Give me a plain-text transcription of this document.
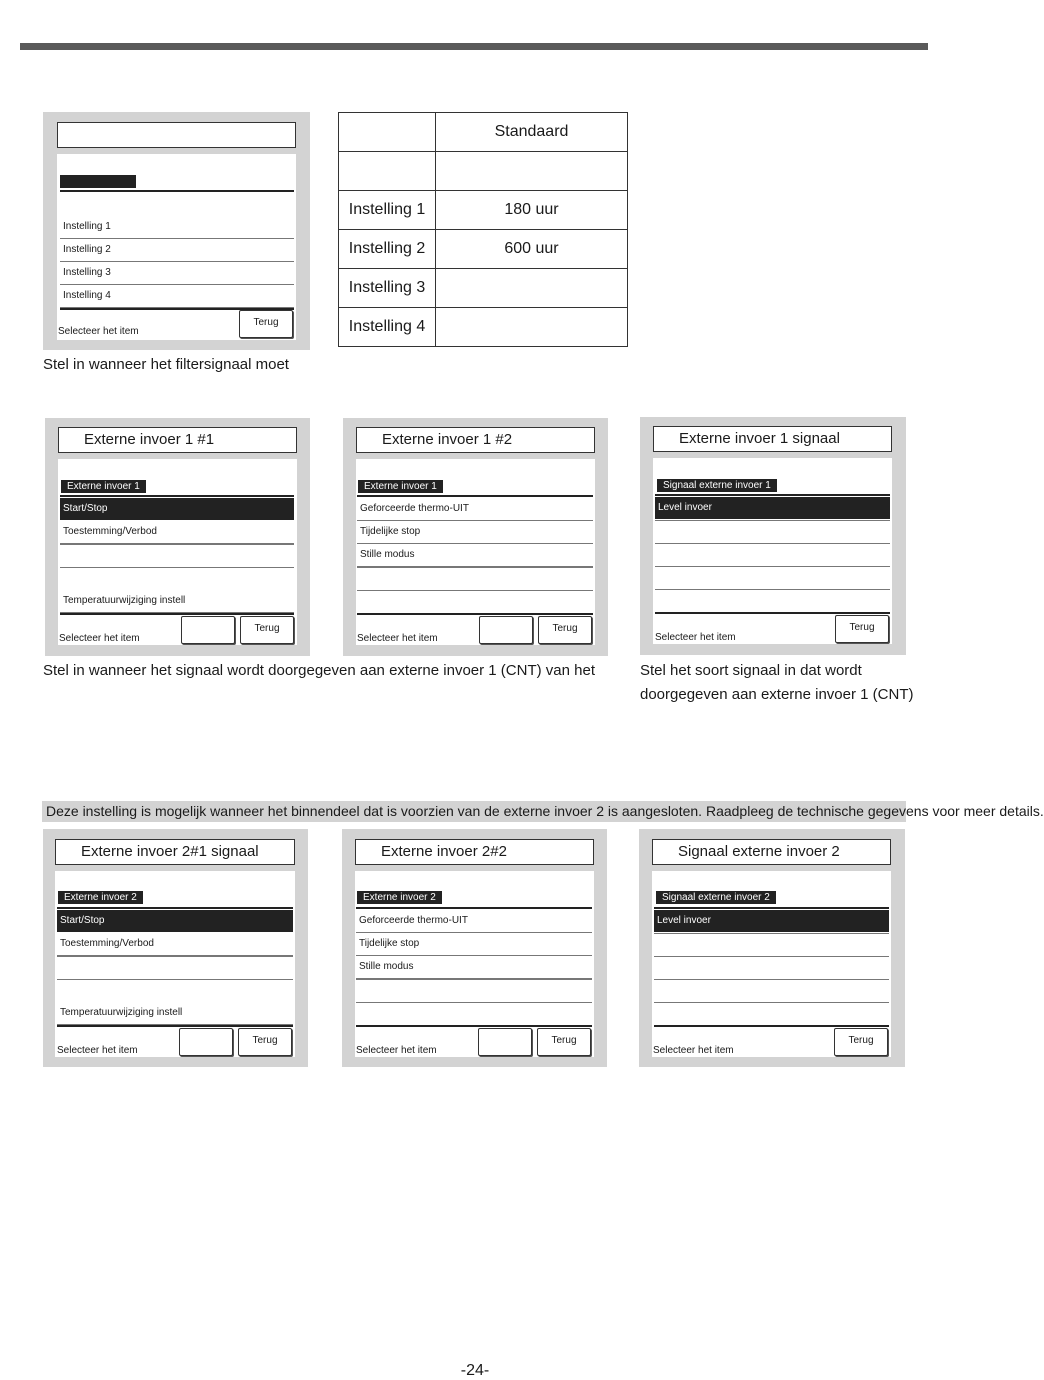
Instelling 1
Instelling 2
Instelling 3
Instelling 4
Selecteer het item
Terug
	Standaard

Instelling 1	180 uur
Instelling 2	600 uur
Instelling 3	
Instelling 4	
Stel in wanneer het filtersignaal moet
Externe invoer 1 #1
Externe invoer 1
Start/Stop
Toestemming/Verbod
Temperatuurwijziging instell
Selecteer het item
Terug
Externe invoer 1 #2
Externe invoer 1
Geforceerde thermo-UIT
Tijdelijke stop
Stille modus
Selecteer het item
Terug
Externe invoer 1 signaal
Signaal externe invoer 1
Level invoer
Selecteer het item
Terug
Stel in wanneer het signaal wordt doorgegeven aan externe invoer 1 (CNT) van het	Stel het soort signaal in dat wordt
doorgegeven aan externe invoer 1 (CNT)
Deze instelling is mogelijk wanneer het binnendeel dat is voorzien van de externe invoer 2 is aangesloten. Raadpleeg de technische gegevens voor meer details.
Externe invoer 2#1 signaal
Externe invoer 2
Start/Stop
Toestemming/Verbod
Temperatuurwijziging instell
Selecteer het item
Terug
Externe invoer 2#2
Externe invoer 2
Geforceerde thermo-UIT
Tijdelijke stop
Stille modus
Selecteer het item
Terug
Signaal externe invoer 2
Signaal externe invoer 2
Level invoer
Selecteer het item
Terug
-24-
